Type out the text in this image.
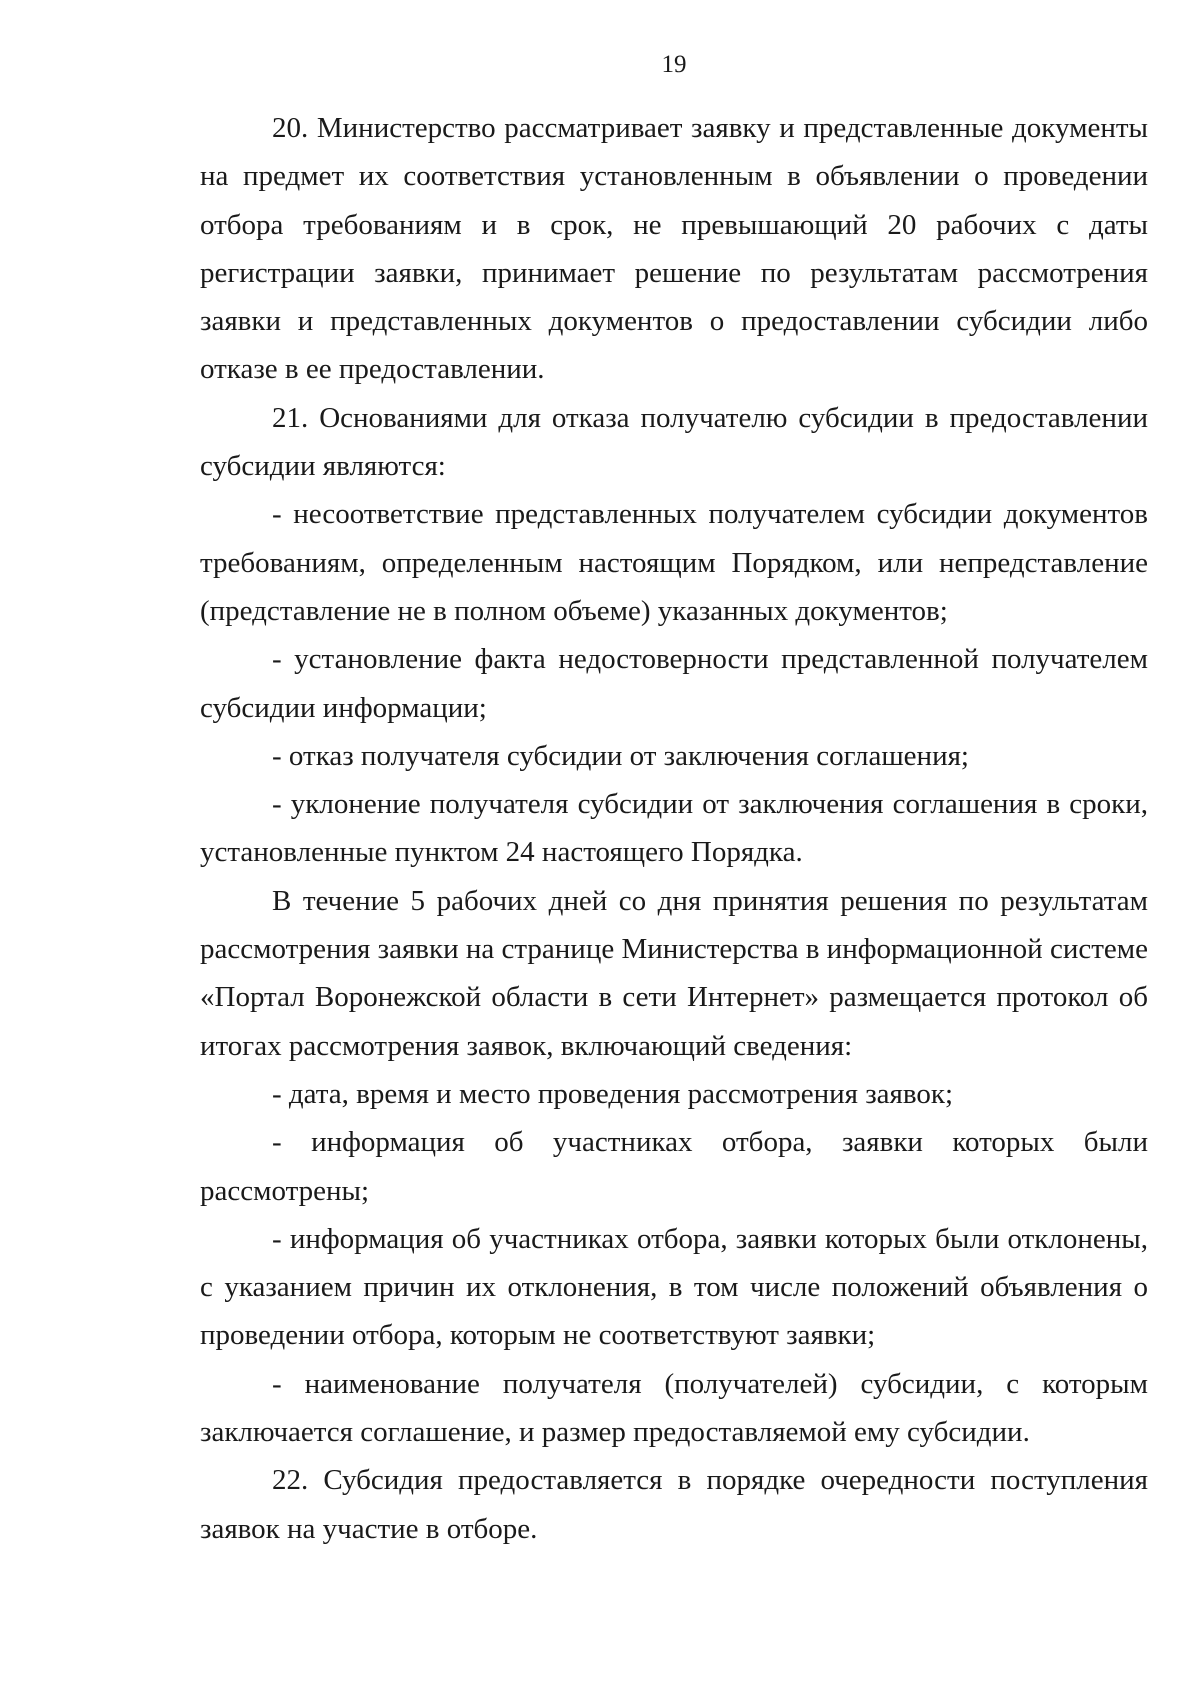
19

20. Министерство рассматривает заявку и представленные документы на предмет их соответствия установленным в объявлении о проведении отбора требованиям и в срок, не превышающий 20 рабочих с даты регистрации заявки, принимает решение по результатам рассмотрения заявки и представленных документов о предоставлении субсидии либо отказе в ее предоставлении.

21. Основаниями для отказа получателю субсидии в предоставлении субсидии являются:

- несоответствие представленных получателем субсидии документов требованиям, определенным настоящим Порядком, или непредставление (представление не в полном объеме) указанных документов;

- установление факта недостоверности представленной получателем субсидии информации;

- отказ получателя субсидии от заключения соглашения;

- уклонение получателя субсидии от заключения соглашения в сроки, установленные пунктом 24 настоящего Порядка.

В течение 5 рабочих дней со дня принятия решения по результатам рассмотрения заявки на странице Министерства в информационной системе «Портал Воронежской области в сети Интернет» размещается протокол об итогах рассмотрения заявок, включающий сведения:

- дата, время и место проведения рассмотрения заявок;

- информация об участниках отбора, заявки которых были рассмотрены;

- информация об участниках отбора, заявки которых были отклонены, с указанием причин их отклонения, в том числе положений объявления о проведении отбора, которым не соответствуют заявки;

- наименование получателя (получателей) субсидии, с которым заключается соглашение, и размер предоставляемой ему субсидии.

22. Субсидия предоставляется в порядке очередности поступления заявок на участие в отборе.
